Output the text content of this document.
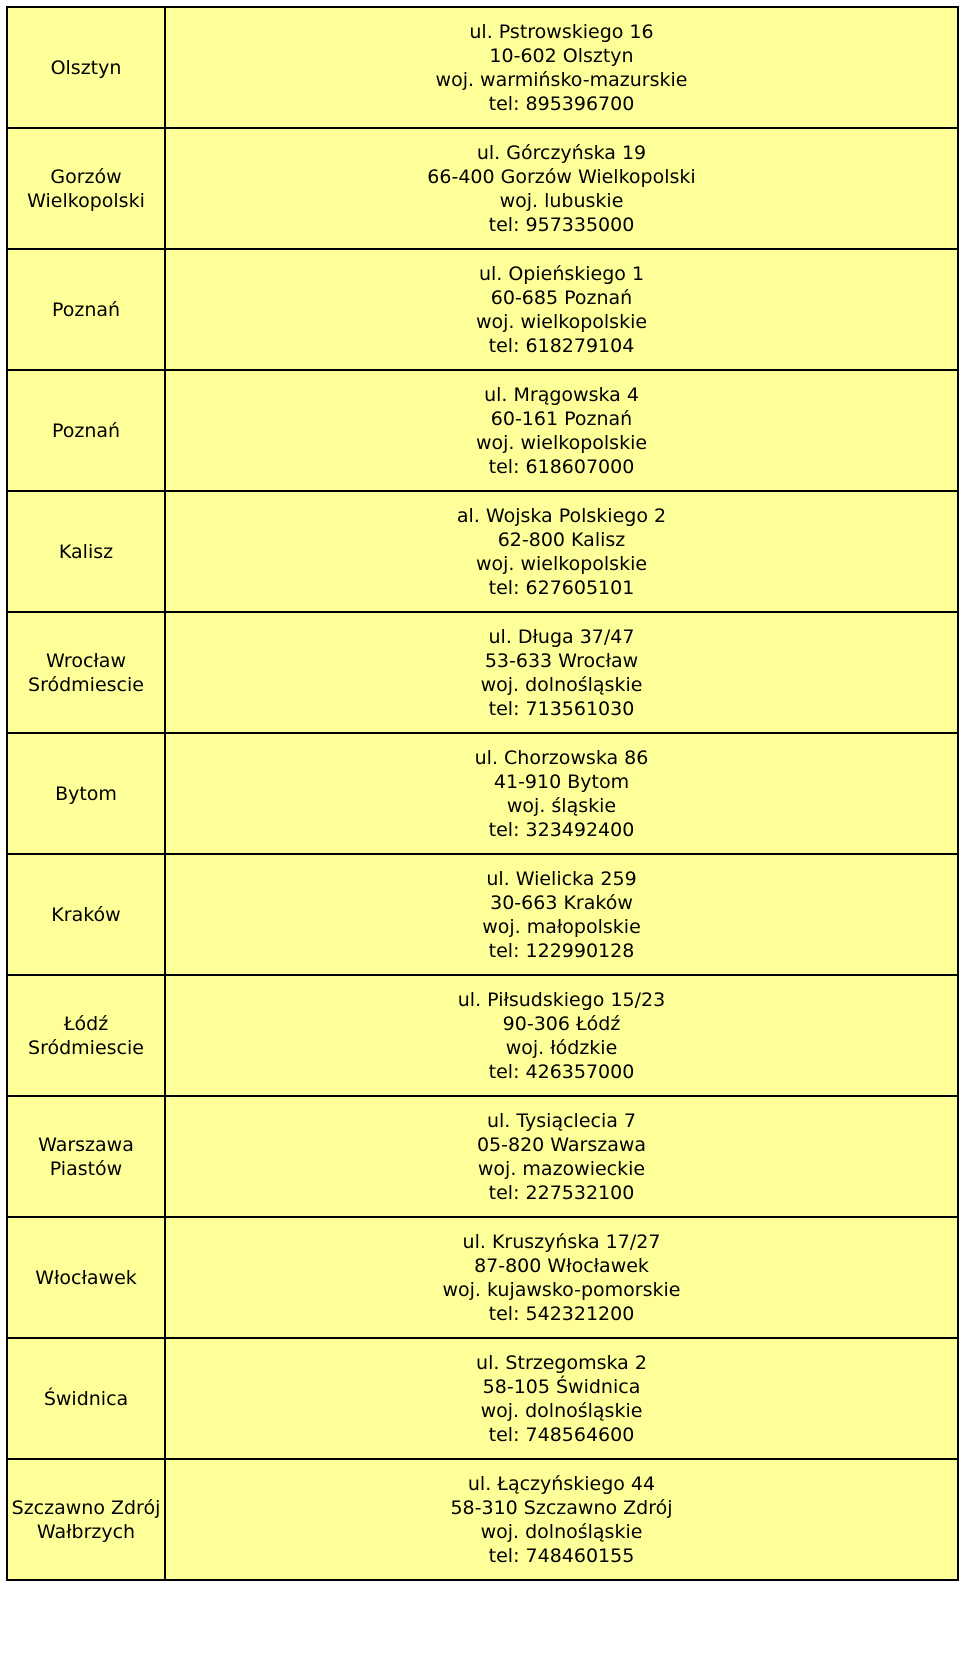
Olsztyn	ul. Pstrowskiego 16
10-602 Olsztyn
woj. warmińsko-mazurskie
tel: 895396700

Gorzów
Wielkopolski	ul. Górczyńska 19
66-400 Gorzów Wielkopolski
woj. lubuskie
tel: 957335000

Poznań	ul. Opieńskiego 1
60-685 Poznań
woj. wielkopolskie
tel: 618279104

Poznań	ul. Mrągowska 4
60-161 Poznań
woj. wielkopolskie
tel: 618607000

Kalisz	al. Wojska Polskiego 2
62-800 Kalisz
woj. wielkopolskie
tel: 627605101

Wrocław
Sródmiescie	ul. Długa 37/47
53-633 Wrocław
woj. dolnośląskie
tel: 713561030

Bytom	ul. Chorzowska 86
41-910 Bytom
woj. śląskie
tel: 323492400

Kraków	ul. Wielicka 259
30-663 Kraków
woj. małopolskie
tel: 122990128

Łódź
Sródmiescie	ul. Piłsudskiego 15/23
90-306 Łódź
woj. łódzkie
tel: 426357000

Warszawa
Piastów	ul. Tysiąclecia 7
05-820 Warszawa
woj. mazowieckie
tel: 227532100

Włocławek	ul. Kruszyńska 17/27
87-800 Włocławek
woj. kujawsko-pomorskie
tel: 542321200

Świdnica	ul. Strzegomska 2
58-105 Świdnica
woj. dolnośląskie
tel: 748564600

Szczawno Zdrój
Wałbrzych	ul. Łączyńskiego 44
58-310 Szczawno Zdrój
woj. dolnośląskie
tel: 748460155
